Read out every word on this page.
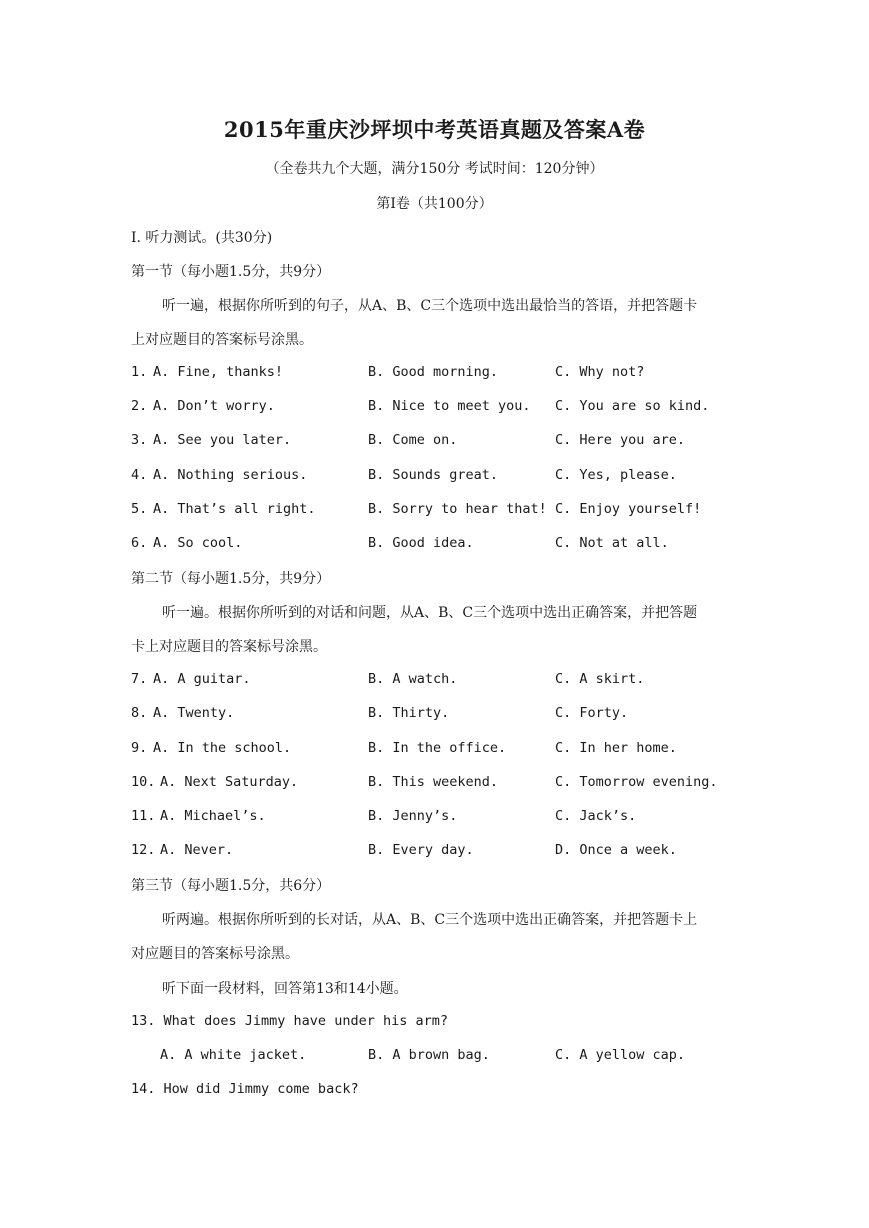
2015年重庆沙坪坝中考英语真题及答案A卷
（全卷共九个大题，满分150分 考试时间：120分钟）
第Ⅰ卷（共100分）
Ⅰ. 听力测试。(共30分)
第一节（每小题1.5分，共9分）
听一遍，根据你所听到的句子，从A、B、C三个选项中选出最恰当的答语，并把答题卡
上对应题目的答案标号涂黑。
1. A. Fine, thanks!	B. Good morning.	C. Why not?
2. A. Don’t worry.	B. Nice to meet you. C. You are so kind.
3. A. See you later.	B. Come on.	C. Here you are.
4. A. Nothing serious.	B. Sounds great.	C. Yes, please.
5. A. That’s all right.	B. Sorry to hear that! C. Enjoy yourself!
6. A. So cool.	B. Good idea.	C. Not at all.
第二节（每小题1.5分，共9分）
听一遍。根据你所听到的对话和问题，从A、B、C三个选项中选出正确答案，并把答题
卡上对应题目的答案标号涂黑。
7. A. A guitar.	B. A watch.	C. A skirt.
8. A. Twenty.	B. Thirty.	C. Forty.
9. A. In the school.	B. In the office.	C. In her home.
10. A. Next Saturday.	B. This weekend.	C. Tomorrow evening.
11. A. Michael’s.	B. Jenny’s.	C. Jack’s.
12. A. Never.	B. Every day.	D. Once a week.
第三节（每小题1.5分，共6分）
听两遍。根据你所听到的长对话，从A、B、C三个选项中选出正确答案，并把答题卡上
对应题目的答案标号涂黑。
听下面一段材料，回答第13和14小题。
13. What does Jimmy have under his arm?
A. A white jacket.	B. A brown bag.	C. A yellow cap.
14. How did Jimmy come back?
